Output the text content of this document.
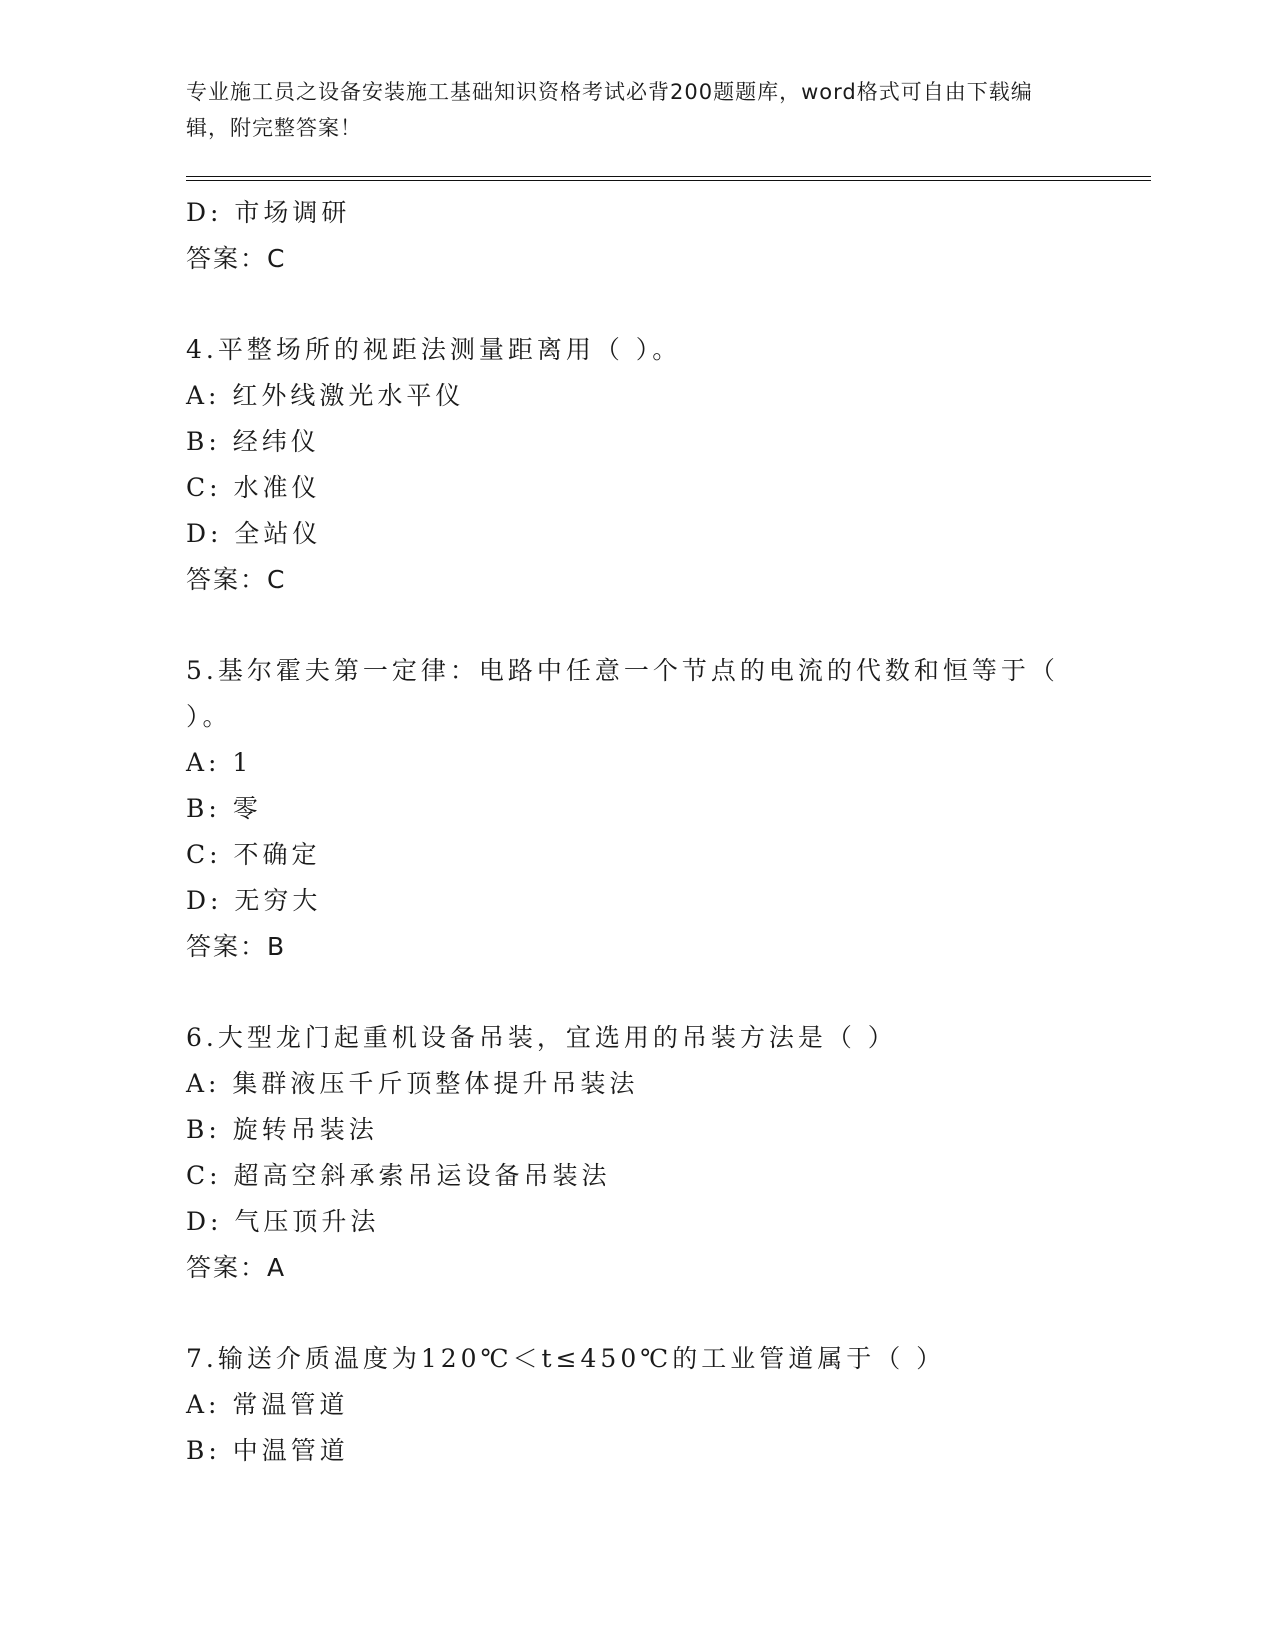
专业施工员之设备安装施工基础知识资格考试必背200题题库，word格式可自由下载编辑，附完整答案！
D: 市场调研
答案：C
4.平整场所的视距法测量距离用（ ）。
A: 红外线激光水平仪
B: 经纬仪
C: 水准仪
D: 全站仪
答案：C
5.基尔霍夫第一定律：电路中任意一个节点的电流的代数和恒等于（ ）。
A: 1
B: 零
C: 不确定
D: 无穷大
答案：B
6.大型龙门起重机设备吊装，宜选用的吊装方法是（ ）
A: 集群液压千斤顶整体提升吊装法
B: 旋转吊装法
C: 超高空斜承索吊运设备吊装法
D: 气压顶升法
答案：A
7.输送介质温度为120℃＜t≤450℃的工业管道属于（ ）
A: 常温管道
B: 中温管道
